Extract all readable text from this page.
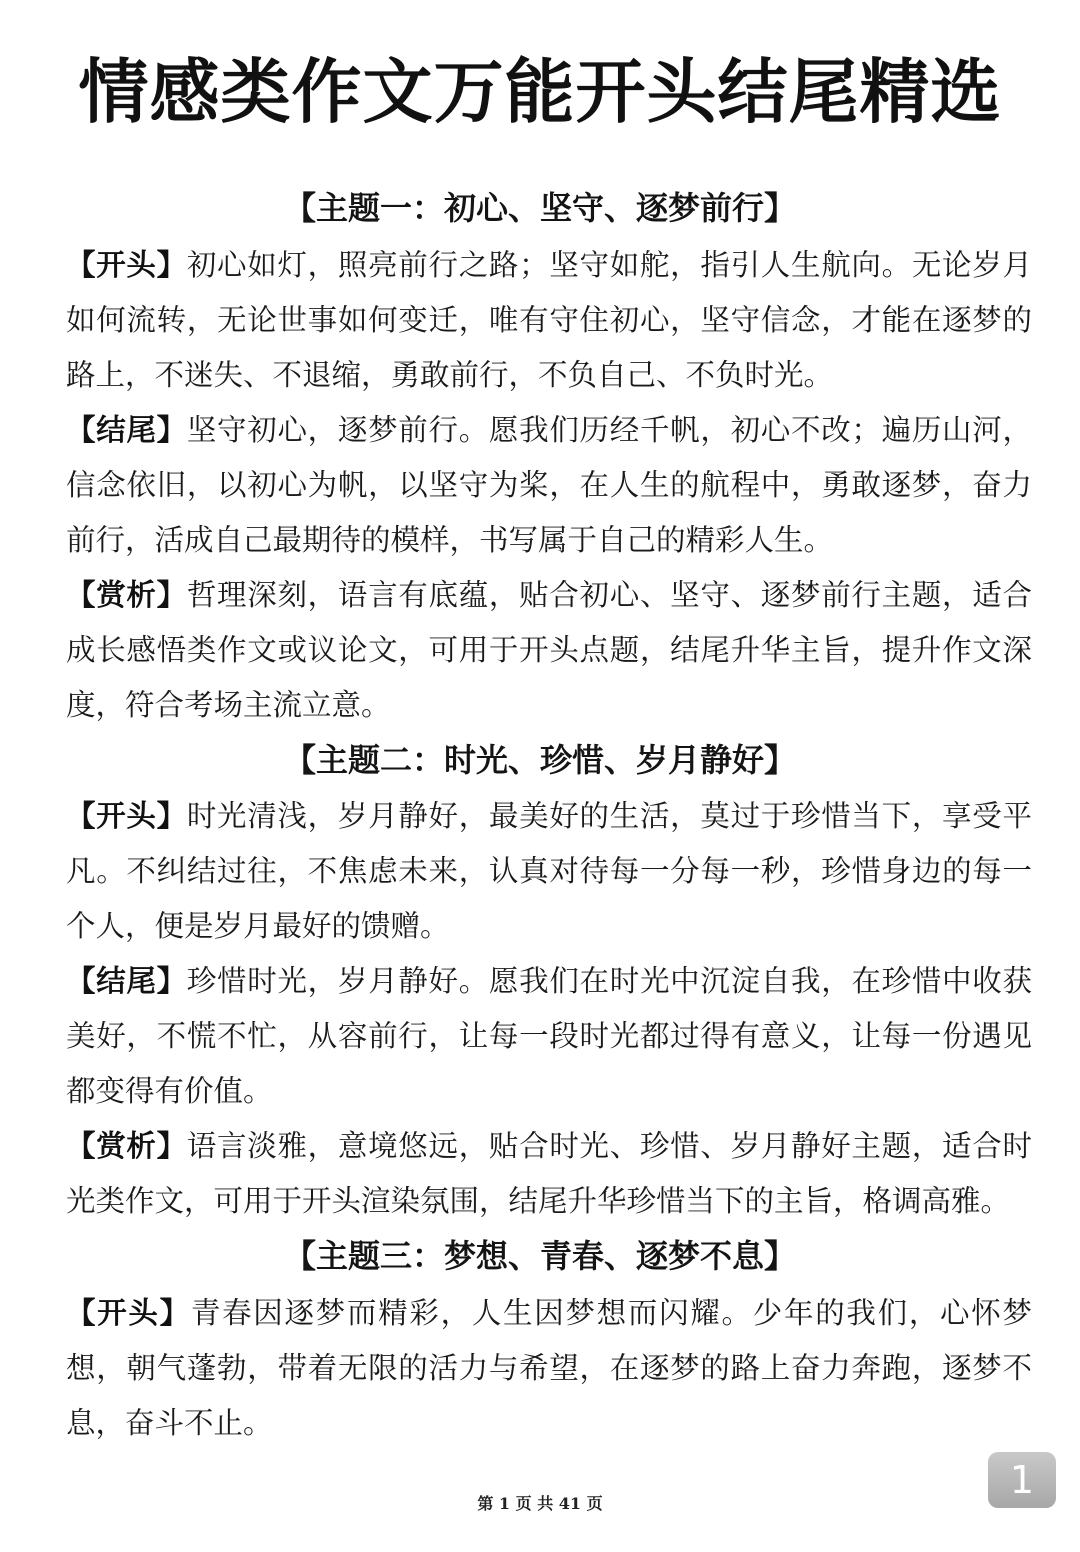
情感类作文万能开头结尾精选
【主题一：初心、坚守、逐梦前行】
【开头】初心如灯，照亮前行之路；坚守如舵，指引人生航向。无论岁月如何流转，无论世事如何变迁，唯有守住初心，坚守信念，才能在逐梦的路上，不迷失、不退缩，勇敢前行，不负自己、不负时光。
【结尾】坚守初心，逐梦前行。愿我们历经千帆，初心不改；遍历山河，信念依旧，以初心为帆，以坚守为桨，在人生的航程中，勇敢逐梦，奋力前行，活成自己最期待的模样，书写属于自己的精彩人生。
【赏析】哲理深刻，语言有底蕴，贴合初心、坚守、逐梦前行主题，适合成长感悟类作文或议论文，可用于开头点题，结尾升华主旨，提升作文深度，符合考场主流立意。
【主题二：时光、珍惜、岁月静好】
【开头】时光清浅，岁月静好，最美好的生活，莫过于珍惜当下，享受平凡。不纠结过往，不焦虑未来，认真对待每一分每一秒，珍惜身边的每一个人，便是岁月最好的馈赠。
【结尾】珍惜时光，岁月静好。愿我们在时光中沉淀自我，在珍惜中收获美好，不慌不忙，从容前行，让每一段时光都过得有意义，让每一份遇见都变得有价值。
【赏析】语言淡雅，意境悠远，贴合时光、珍惜、岁月静好主题，适合时光类作文，可用于开头渲染氛围，结尾升华珍惜当下的主旨，格调高雅。
【主题三：梦想、青春、逐梦不息】
【开头】青春因逐梦而精彩，人生因梦想而闪耀。少年的我们，心怀梦想，朝气蓬勃，带着无限的活力与希望，在逐梦的路上奋力奔跑，逐梦不息，奋斗不止。
第 1 页 共 41 页
1
